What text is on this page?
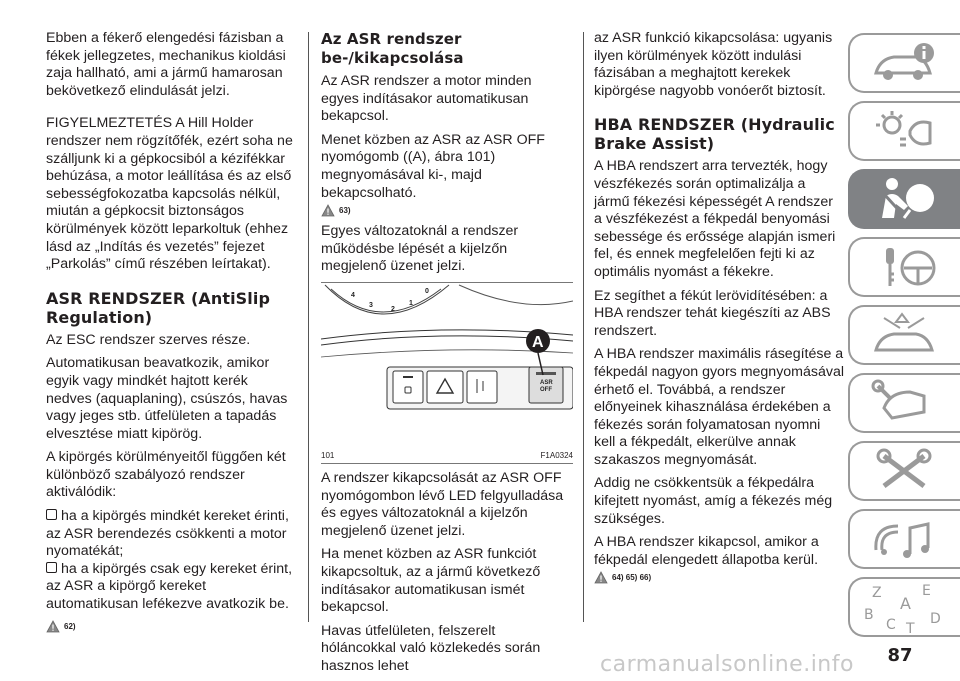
Ebben a fékerő elengedési fázisban a fékek jellegzetes, mechanikus kioldási zaja hallható, ami a jármű hamarosan bekövetkező elindulását jelzi.

FIGYELMEZTETÉS A Hill Holder rendszer nem rögzítőfék, ezért soha ne szálljunk ki a gépkocsiból a kézifékkar behúzása, a motor leállítása és az első sebességfokozatba kapcsolás nélkül, miután a gépkocsit biztonságos körülmények között leparkoltuk (ehhez lásd az „Indítás és vezetés” fejezet „Parkolás” című részében leírtakat).

ASR RENDSZER (AntiSlip Regulation)

Az ESC rendszer szerves része.

Automatikusan beavatkozik, amikor egyik vagy mindkét hajtott kerék nedves (aquaplaning), csúszós, havas vagy jeges stb. útfelületen a tapadás elvesztése miatt kipörög.

A kipörgés körülményeitől függően két különböző szabályozó rendszer aktiválódik:

ha a kipörgés mindkét kereket érinti, az ASR berendezés csökkenti a motor nyomatékát;

ha a kipörgés csak egy kereket érint, az ASR a kipörgő kereket automatikusan lefékezve avatkozik be.

62)
Az ASR rendszer be-/kikapcsolása

Az ASR rendszer a motor minden egyes indításakor automatikusan bekapcsol.

Menet közben az ASR az ASR OFF nyomógomb ((A), ábra 101) megnyomásával ki-, majd bekapcsolható.

63)

Egyes változatoknál a rendszer működésbe lépését a kijelzőn megjelenő üzenet jelzi.

4
3
2
1
0
ASR
OFF
A
101	F1A0324

A rendszer kikapcsolását az ASR OFF nyomógombon lévő LED felgyulladása és egyes változatoknál a kijelzőn megjelenő üzenet jelzi.

Ha menet közben az ASR funkciót kikapcsoltuk, az a jármű következő indításakor automatikusan ismét bekapcsol.

Havas útfelületen, felszerelt hóláncokkal való közlekedés során hasznos lehet

az ASR funkció kikapcsolása: ugyanis ilyen körülmények között indulási fázisában a meghajtott kerekek kipörgése nagyobb vonóerőt biztosít.

HBA RENDSZER (Hydraulic Brake Assist)

A HBA rendszert arra tervezték, hogy vészfékezés során optimalizálja a jármű fékezési képességét A rendszer a vészfékezést a fékpedál benyomási sebessége és erőssége alapján ismeri fel, és ennek megfelelően fejti ki az optimális nyomást a fékekre.

Ez segíthet a fékút lerövidítésében: a HBA rendszer tehát kiegészíti az ABS rendszert.

A HBA rendszer maximális rásegítése a fékpedál nagyon gyors megnyomásával érhető el. Továbbá, a rendszer előnyeinek kihasználása érdekében a fékezés során folyamatosan nyomni kell a fékpedált, elkerülve annak szakaszos megnyomását.

Addig ne csökkentsük a fékpedálra kifejtett nyomást, amíg a fékezés még szükséges.

A HBA rendszer kikapcsol, amikor a fékpedál elengedett állapotba kerül.

64) 65) 66)
Z	E
A
B
C T
D
87
carmanualsonline.info
